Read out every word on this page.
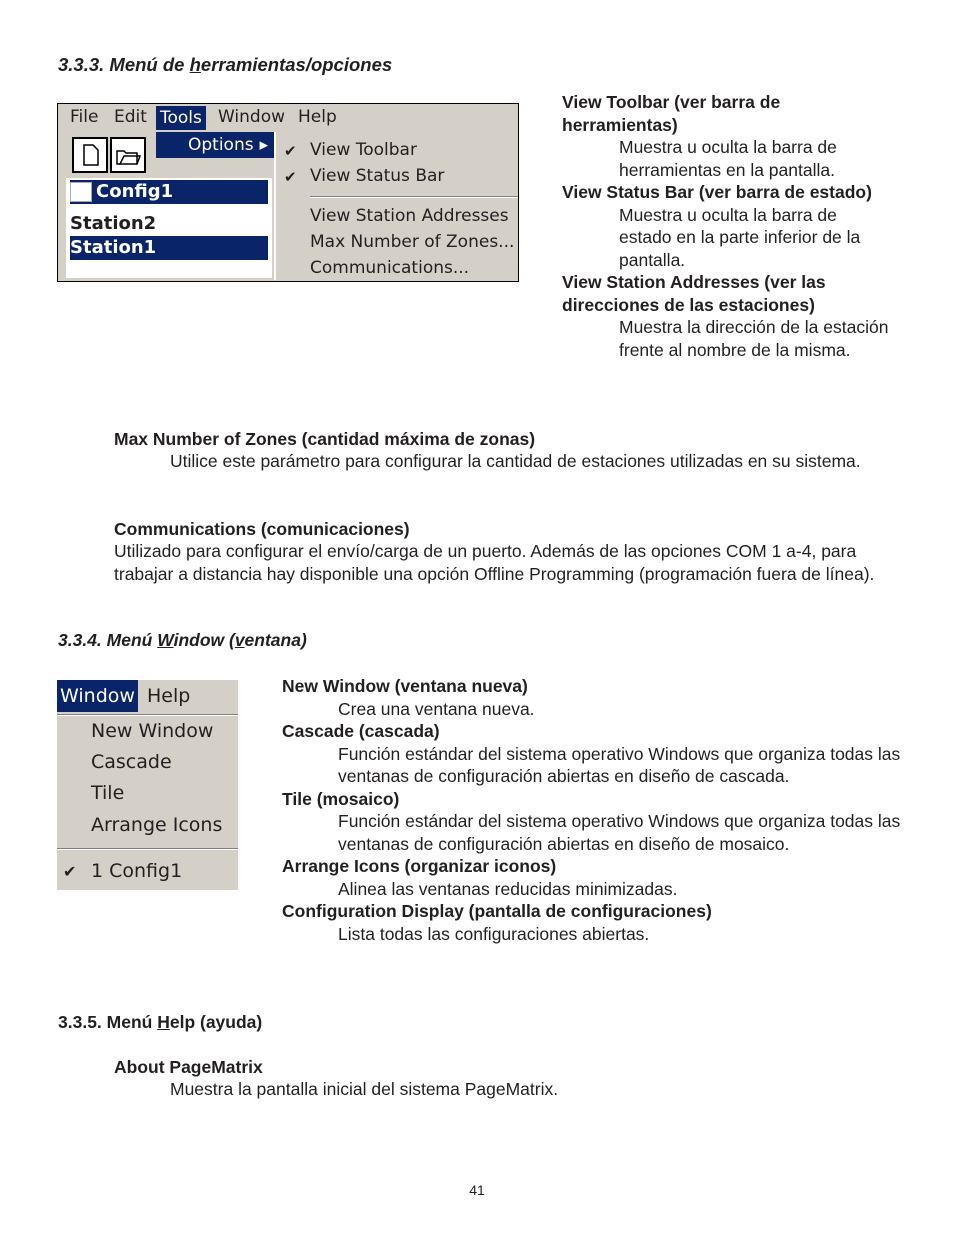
3.3.3. Menú de herramientas/opciones
File Edit Tools Window Help
Config1
Station2
Station1
Options ▸ ✔ View Toolbar
✔ View Status Bar
View Station Addresses
Max Number of Zones...
Communications...
View Toolbar (ver barra de herramientas)
Muestra u oculta la barra de herramientas en la pantalla.
View Status Bar (ver barra de estado)
Muestra u oculta la barra de estado en la parte inferior de la pantalla.
View Station Addresses (ver las direcciones de las estaciones)
Muestra la dirección de la estación frente al nombre de la misma.
Max Number of Zones (cantidad máxima de zonas)
Utilice este parámetro para configurar la cantidad de estaciones utilizadas en su sistema.
Communications (comunicaciones)
Utilizado para configurar el envío/carga de un puerto. Además de las opciones COM 1 a-4, para trabajar a distancia hay disponible una opción Offline Programming (programación fuera de línea).
3.3.4. Menú Window (ventana)
Window Help
New Window
Cascade
Tile
Arrange Icons
✔ 1 Config1
New Window (ventana nueva)
Crea una ventana nueva.
Cascade (cascada)
Función estándar del sistema operativo Windows que organiza todas las ventanas de configuración abiertas en diseño de cascada.
Tile (mosaico)
Función estándar del sistema operativo Windows que organiza todas las ventanas de configuración abiertas en diseño de mosaico.
Arrange Icons (organizar iconos)
Alinea las ventanas reducidas minimizadas.
Configuration Display (pantalla de configuraciones)
Lista todas las configuraciones abiertas.
3.3.5. Menú Help (ayuda)
About PageMatrix
Muestra la pantalla inicial del sistema PageMatrix.
41
